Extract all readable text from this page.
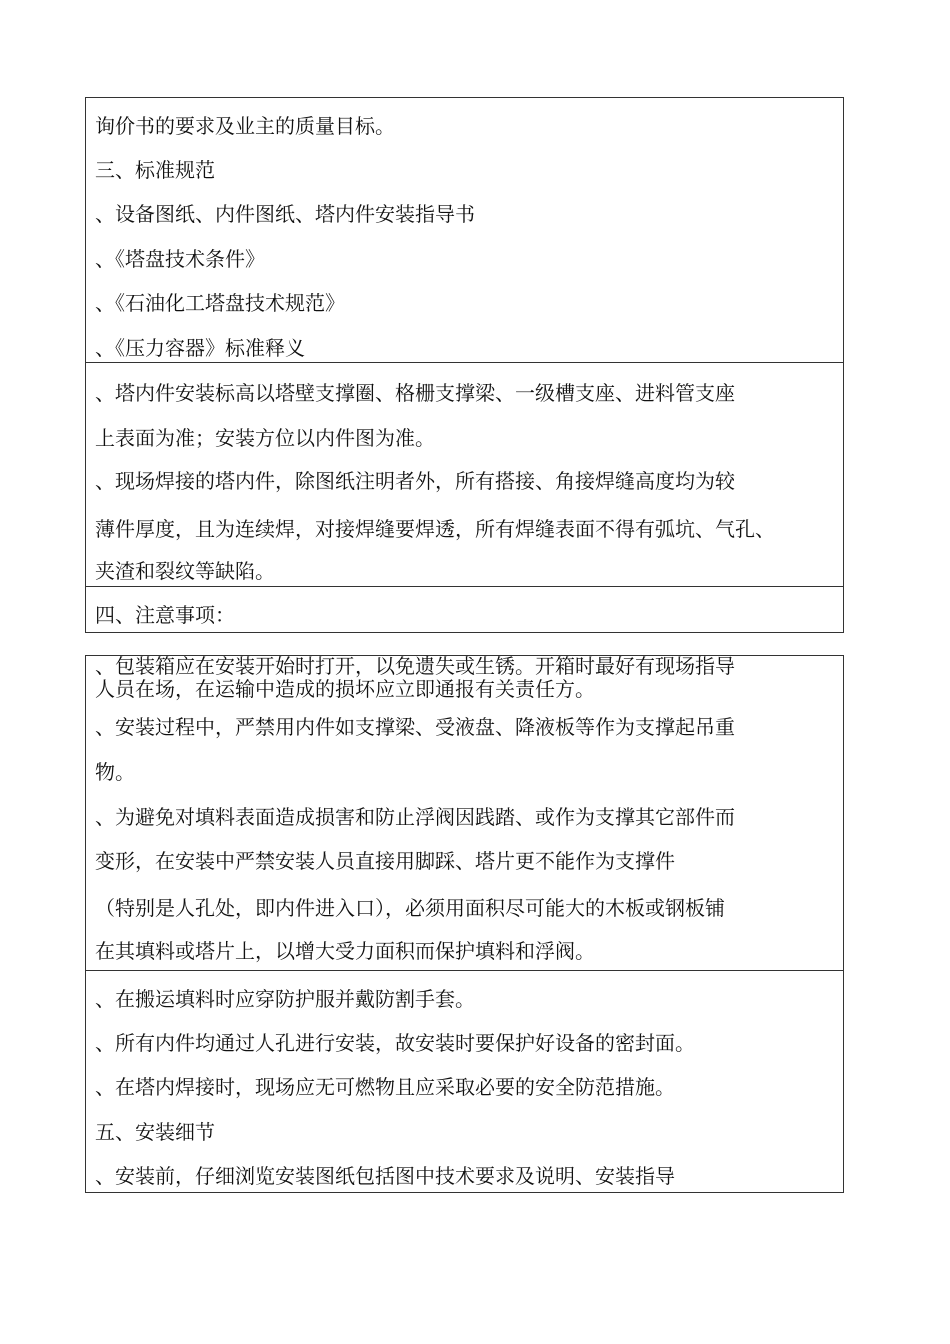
询价书的要求及业主的质量目标。
三、标准规范
、设备图纸、内件图纸、塔内件安装指导书
、《塔盘技术条件》
、《石油化工塔盘技术规范》
、《压力容器》标准释义
、塔内件安装标高以塔壁支撑圈、格栅支撑梁、一级槽支座、进料管支座
上表面为准；安装方位以内件图为准。
、现场焊接的塔内件，除图纸注明者外，所有搭接、角接焊缝高度均为较
薄件厚度，且为连续焊，对接焊缝要焊透，所有焊缝表面不得有弧坑、气孔、
夹渣和裂纹等缺陷。
四、注意事项：
、包装箱应在安装开始时打开，以免遗失或生锈。开箱时最好有现场指导
人员在场，在运输中造成的损坏应立即通报有关责任方。
、安装过程中，严禁用内件如支撑梁、受液盘、降液板等作为支撑起吊重
物。
、为避免对填料表面造成损害和防止浮阀因践踏、或作为支撑其它部件而
变形，在安装中严禁安装人员直接用脚踩、塔片更不能作为支撑件
（特别是人孔处，即内件进入口），必须用面积尽可能大的木板或钢板铺
在其填料或塔片上，以增大受力面积而保护填料和浮阀。
、在搬运填料时应穿防护服并戴防割手套。
、所有内件均通过人孔进行安装，故安装时要保护好设备的密封面。
、在塔内焊接时，现场应无可燃物且应采取必要的安全防范措施。
五、安装细节
、安装前，仔细浏览安装图纸包括图中技术要求及说明、安装指导
